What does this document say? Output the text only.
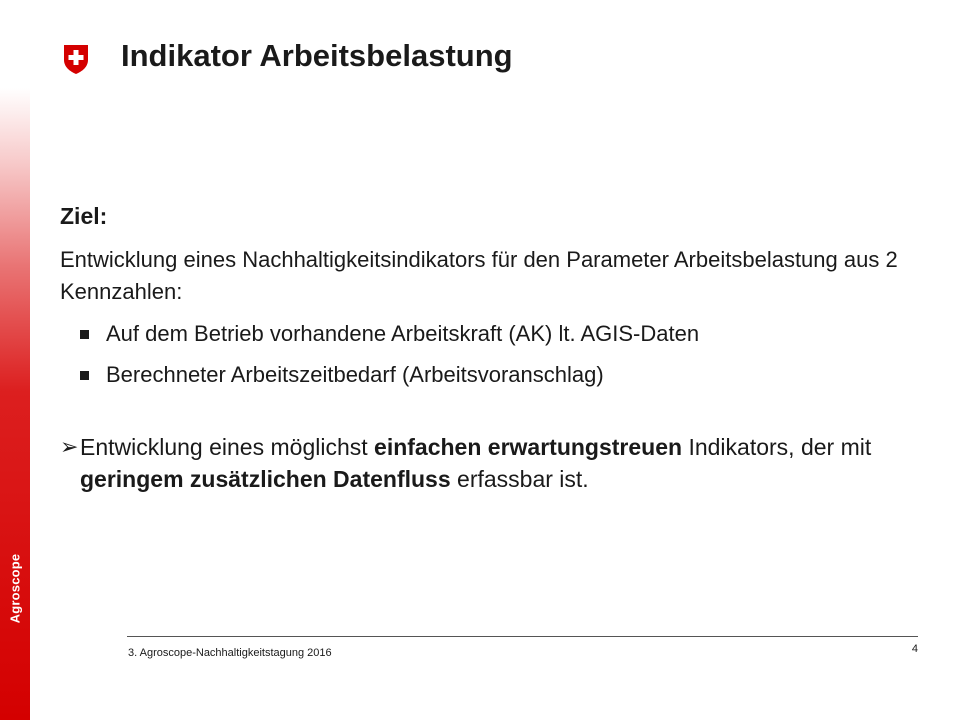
Agroscope
Indikator Arbeitsbelastung
Ziel:

Entwicklung eines Nachhaltigkeitsindikators für den Parameter Arbeitsbelastung aus 2 Kennzahlen:

Auf dem Betrieb vorhandene Arbeitskraft (AK) lt. AGIS-Daten
Berechneter Arbeitszeitbedarf (Arbeitsvoranschlag)
➢ Entwicklung eines möglichst einfachen erwartungstreuen Indikators, der mit geringem zusätzlichen Datenfluss erfassbar ist.
3. Agroscope-Nachhaltigkeitstagung 2016	4
